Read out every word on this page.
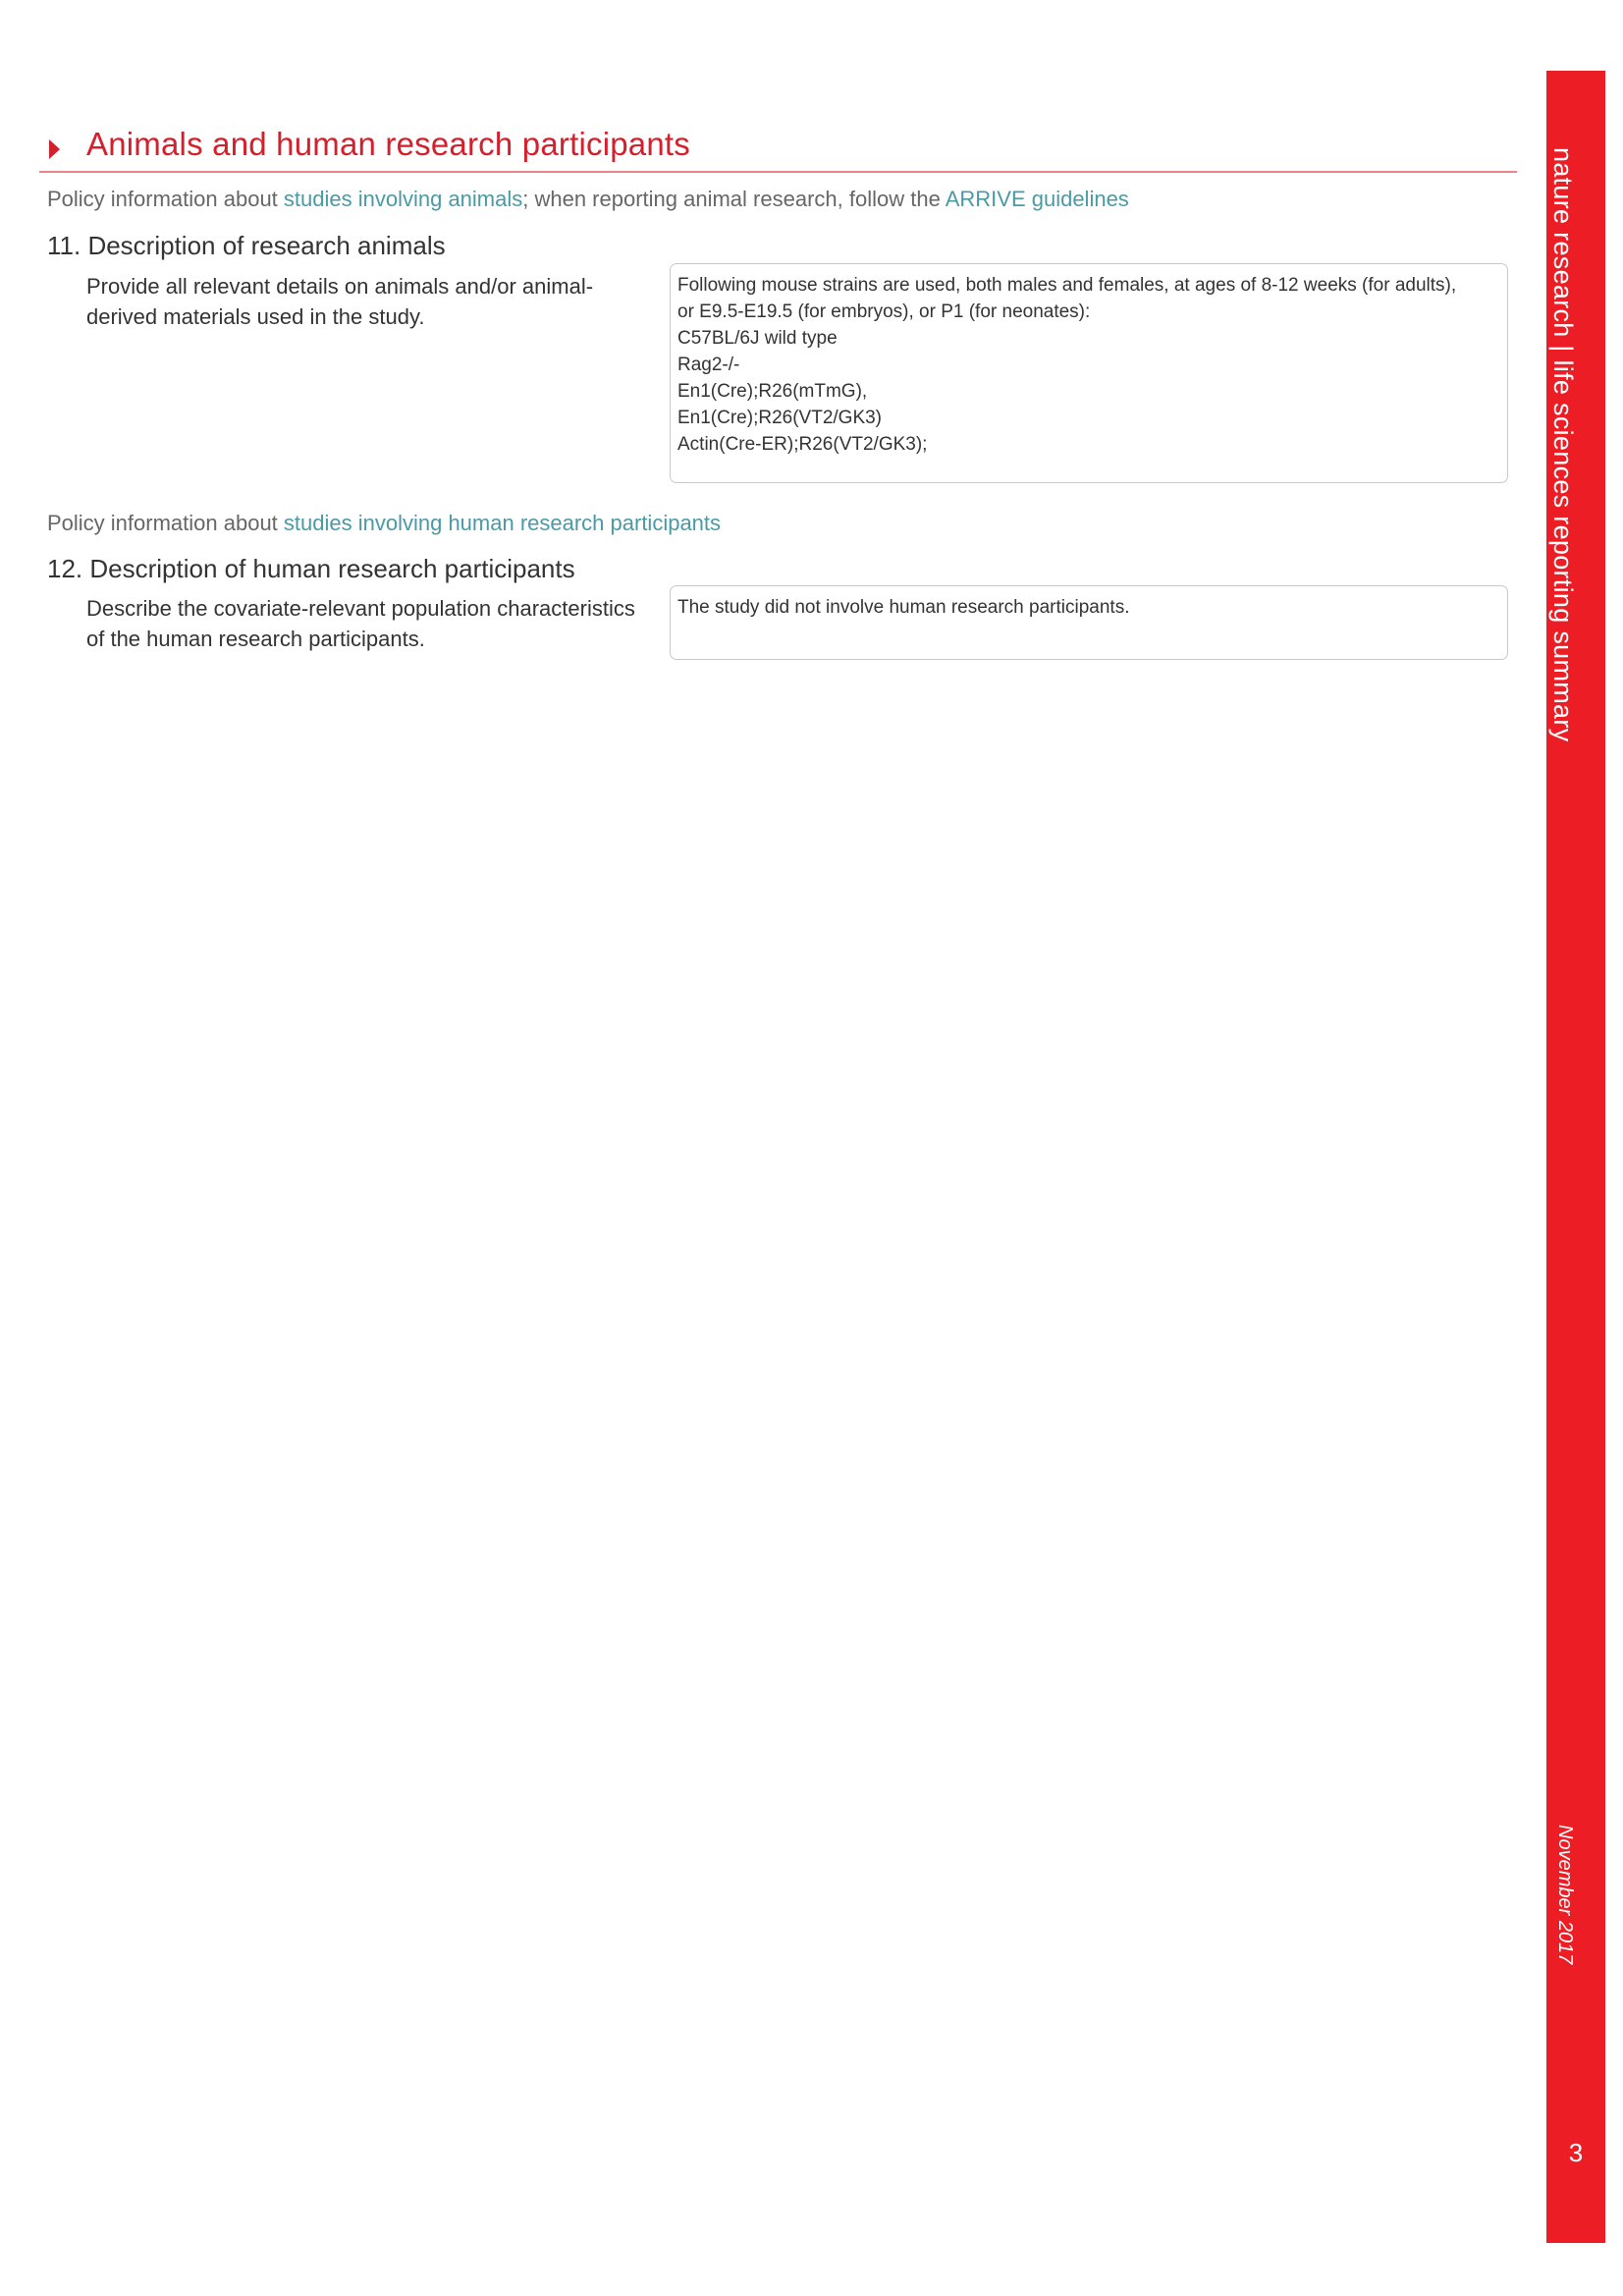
Animals and human research participants
Policy information about studies involving animals; when reporting animal research, follow the ARRIVE guidelines
11. Description of research animals
Provide all relevant details on animals and/or animal-derived materials used in the study.
Following mouse strains are used, both males and females, at ages of 8-12 weeks (for adults),
or E9.5-E19.5 (for embryos), or P1 (for neonates):
C57BL/6J wild type
Rag2-/-
En1(Cre);R26(mTmG),
En1(Cre);R26(VT2/GK3)
Actin(Cre-ER);R26(VT2/GK3);
Policy information about studies involving human research participants
12. Description of human research participants
Describe the covariate-relevant population characteristics of the human research participants.
The study did not involve human research participants.	nature research | life sciences reporting summary
November 2017
3
